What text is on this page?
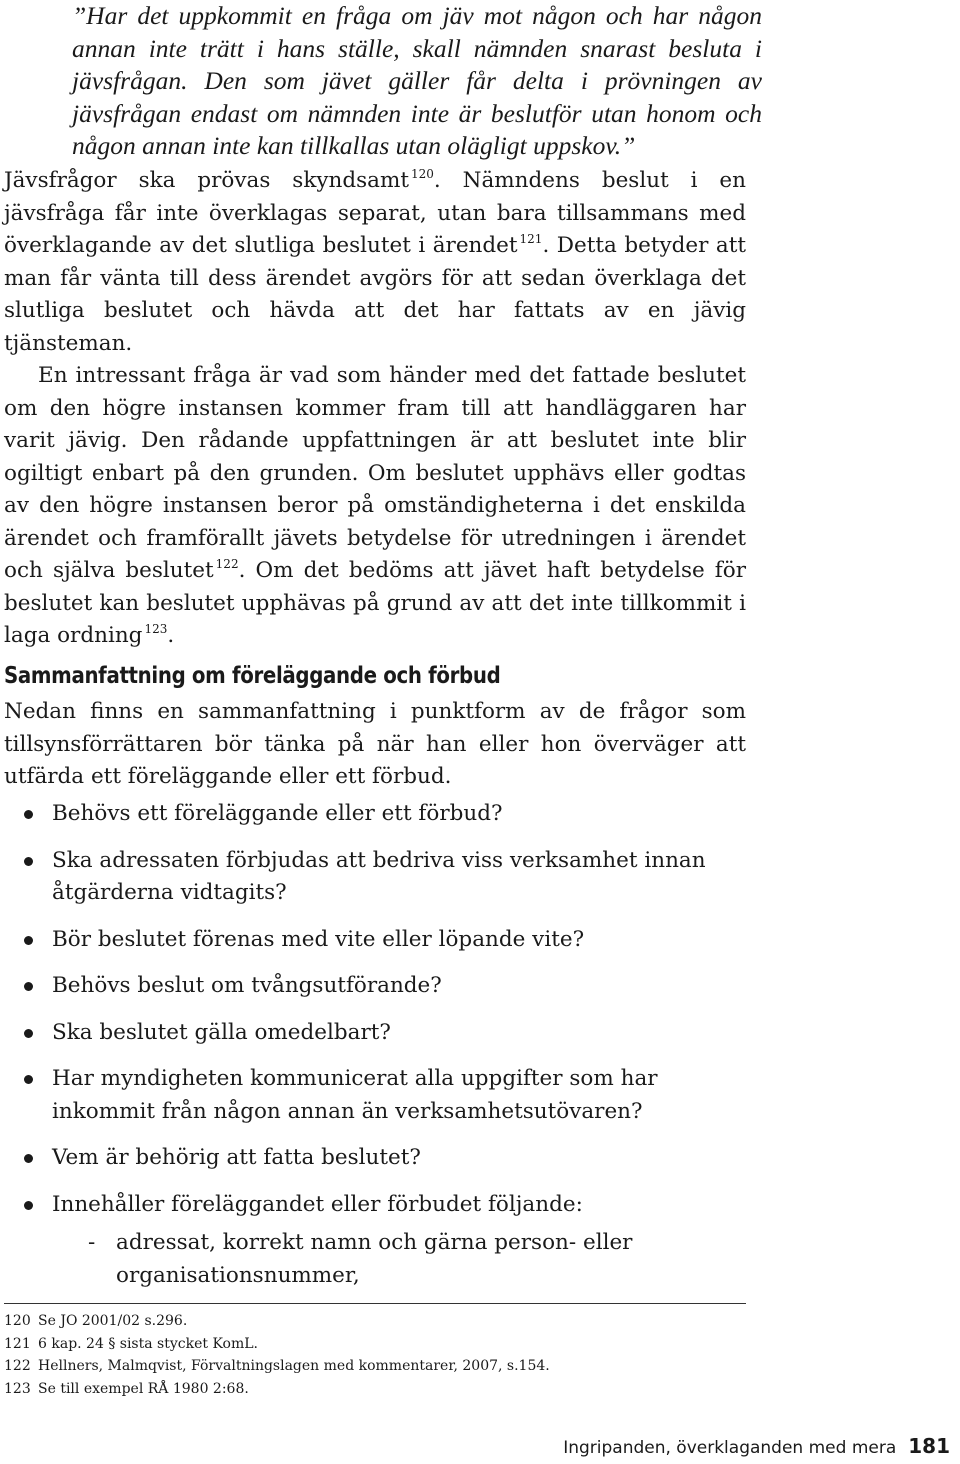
”Har det uppkommit en fråga om jäv mot någon och har någon annan inte trätt i hans ställe, skall nämnden snarast besluta i jävsfrågan. Den som jävet gäller får delta i prövningen av jävsfrågan endast om nämnden inte är beslutför utan honom och någon annan inte kan tillkallas utan olägligt uppskov.”

Jävsfrågor ska prövas skyndsamt $^{120}$. Nämndens beslut i en jävsfråga får inte överklagas separat, utan bara tillsammans med överklagande av det slutliga beslutet i ärendet $^{121}$. Detta betyder att man får vänta till dess ärendet avgörs för att sedan överklaga det slutliga beslutet och hävda att det har fattats av en jävig tjänsteman.

En intressant fråga är vad som händer med det fattade beslutet om den högre instansen kommer fram till att handläggaren har varit jävig. Den rådande uppfattningen är att beslutet inte blir ogiltigt enbart på den grunden. Om beslutet upphävs eller godtas av den högre instansen beror på omständigheterna i det enskilda ärendet och framförallt jävets betydelse för utredningen i ärendet och själva beslutet $^{122}$. Om det bedöms att jävet haft betydelse för beslutet kan beslutet upphävas på grund av att det inte tillkommit i laga ordning $^{123}$.

Sammanfattning om föreläggande och förbud

Nedan finns en sammanfattning i punktform av de frågor som tillsynsförrättaren bör tänka på när han eller hon överväger att utfärda ett föreläggande eller ett förbud.

Behövs ett föreläggande eller ett förbud?
Ska adressaten förbjudas att bedriva viss verksamhet innan åtgärderna vidtagits?
Bör beslutet förenas med vite eller löpande vite?
Behövs beslut om tvångsutförande?
Ska beslutet gälla omedelbart?
Har myndigheten kommunicerat alla uppgifter som har inkommit från någon annan än verksamhetsutövaren?
Vem är behörig att fatta beslutet?
Innehåller föreläggandet eller förbudet följande:
- adressat, korrekt namn och gärna person- eller organisationsnummer,
120 Se JO 2001/02 s.296.
121 6 kap. 24 § sista stycket KomL.
122 Hellners, Malmqvist, Förvaltningslagen med kommentarer, 2007, s.154.
123 Se till exempel RÅ 1980 2:68.
Ingripanden, överklaganden med mera 181
